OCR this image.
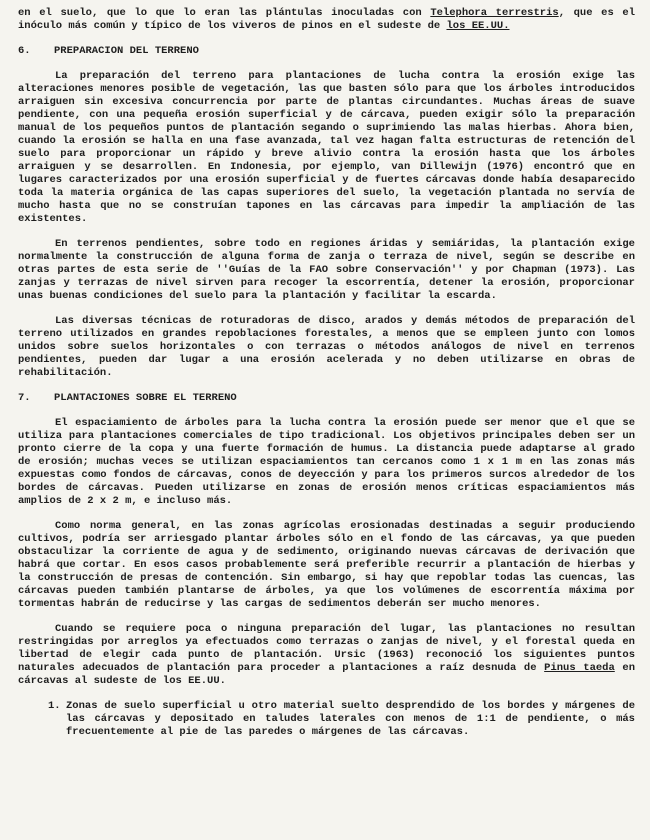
en el suelo, que lo que lo eran las plántulas inoculadas con Telephora terrestris, que es el inóculo más común y típico de los viveros de pinos en el sudeste de los EE.UU.

6. PREPARACION DEL TERRENO

La preparación del terreno para plantaciones de lucha contra la erosión exige las alteraciones menores posible de vegetación, las que basten sólo para que los árboles introducidos arraiguen sin excesiva concurrencia por parte de plantas circundantes. Muchas áreas de suave pendiente, con una pequeña erosión superficial y de cárcava, pueden exigir sólo la preparación manual de los pequeños puntos de plantación segando o suprimiendo las malas hierbas. Ahora bien, cuando la erosión se halla en una fase avanzada, tal vez hagan falta estructuras de retención del suelo para proporcionar un rápido y breve alivio contra la erosión hasta que los árboles arraiguen y se desarrollen. En Indonesia, por ejemplo, van Dillewijn (1976) encontró que en lugares caracterizados por una erosión superficial y de fuertes cárcavas donde había desaparecido toda la materia orgánica de las capas superiores del suelo, la vegetación plantada no servía de mucho hasta que no se construían tapones en las cárcavas para impedir la ampliación de las existentes.

En terrenos pendientes, sobre todo en regiones áridas y semiáridas, la plantación exige normalmente la construcción de alguna forma de zanja o terraza de nivel, según se describe en otras partes de esta serie de ''Guías de la FAO sobre Conservación'' y por Chapman (1973). Las zanjas y terrazas de nivel sirven para recoger la escorrentía, detener la erosión, proporcionar unas buenas condiciones del suelo para la plantación y facilitar la escarda.

Las diversas técnicas de roturadoras de disco, arados y demás métodos de preparación del terreno utilizados en grandes repoblaciones forestales, a menos que se empleen junto con lomos unidos sobre suelos horizontales o con terrazas o métodos análogos de nivel en terrenos pendientes, pueden dar lugar a una erosión acelerada y no deben utilizarse en obras de rehabilitación.

7. PLANTACIONES SOBRE EL TERRENO

El espaciamiento de árboles para la lucha contra la erosión puede ser menor que el que se utiliza para plantaciones comerciales de tipo tradicional. Los objetivos principales deben ser un pronto cierre de la copa y una fuerte formación de humus. La distancia puede adaptarse al grado de erosión; muchas veces se utilizan espaciamientos tan cercanos como 1 x 1 m en las zonas más expuestas como fondos de cárcavas, conos de deyección y para los primeros surcos alrededor de los bordes de cárcavas. Pueden utilizarse en zonas de erosión menos críticas espaciamientos más amplios de 2 x 2 m, e incluso más.

Como norma general, en las zonas agrícolas erosionadas destinadas a seguir produciendo cultivos, podría ser arriesgado plantar árboles sólo en el fondo de las cárcavas, ya que pueden obstaculizar la corriente de agua y de sedimento, originando nuevas cárcavas de derivación que habrá que cortar. En esos casos probablemente será preferible recurrir a plantación de hierbas y la construcción de presas de contención. Sin embargo, si hay que repoblar todas las cuencas, las cárcavas pueden también plantarse de árboles, ya que los volúmenes de escorrentía máxima por tormentas habrán de reducirse y las cargas de sedimentos deberán ser mucho menores.

Cuando se requiere poca o ninguna preparación del lugar, las plantaciones no resultan restringidas por arreglos ya efectuados como terrazas o zanjas de nivel, y el forestal queda en libertad de elegir cada punto de plantación. Ursic (1963) reconoció los siguientes puntos naturales adecuados de plantación para proceder a plantaciones a raíz desnuda de Pinus taeda en cárcavas al sudeste de los EE.UU.

1. Zonas de suelo superficial u otro material suelto desprendido de los bordes y márgenes de las cárcavas y depositado en taludes laterales con menos de 1:1 de pendiente, o más frecuentemente al pie de las paredes o márgenes de las cárcavas.
